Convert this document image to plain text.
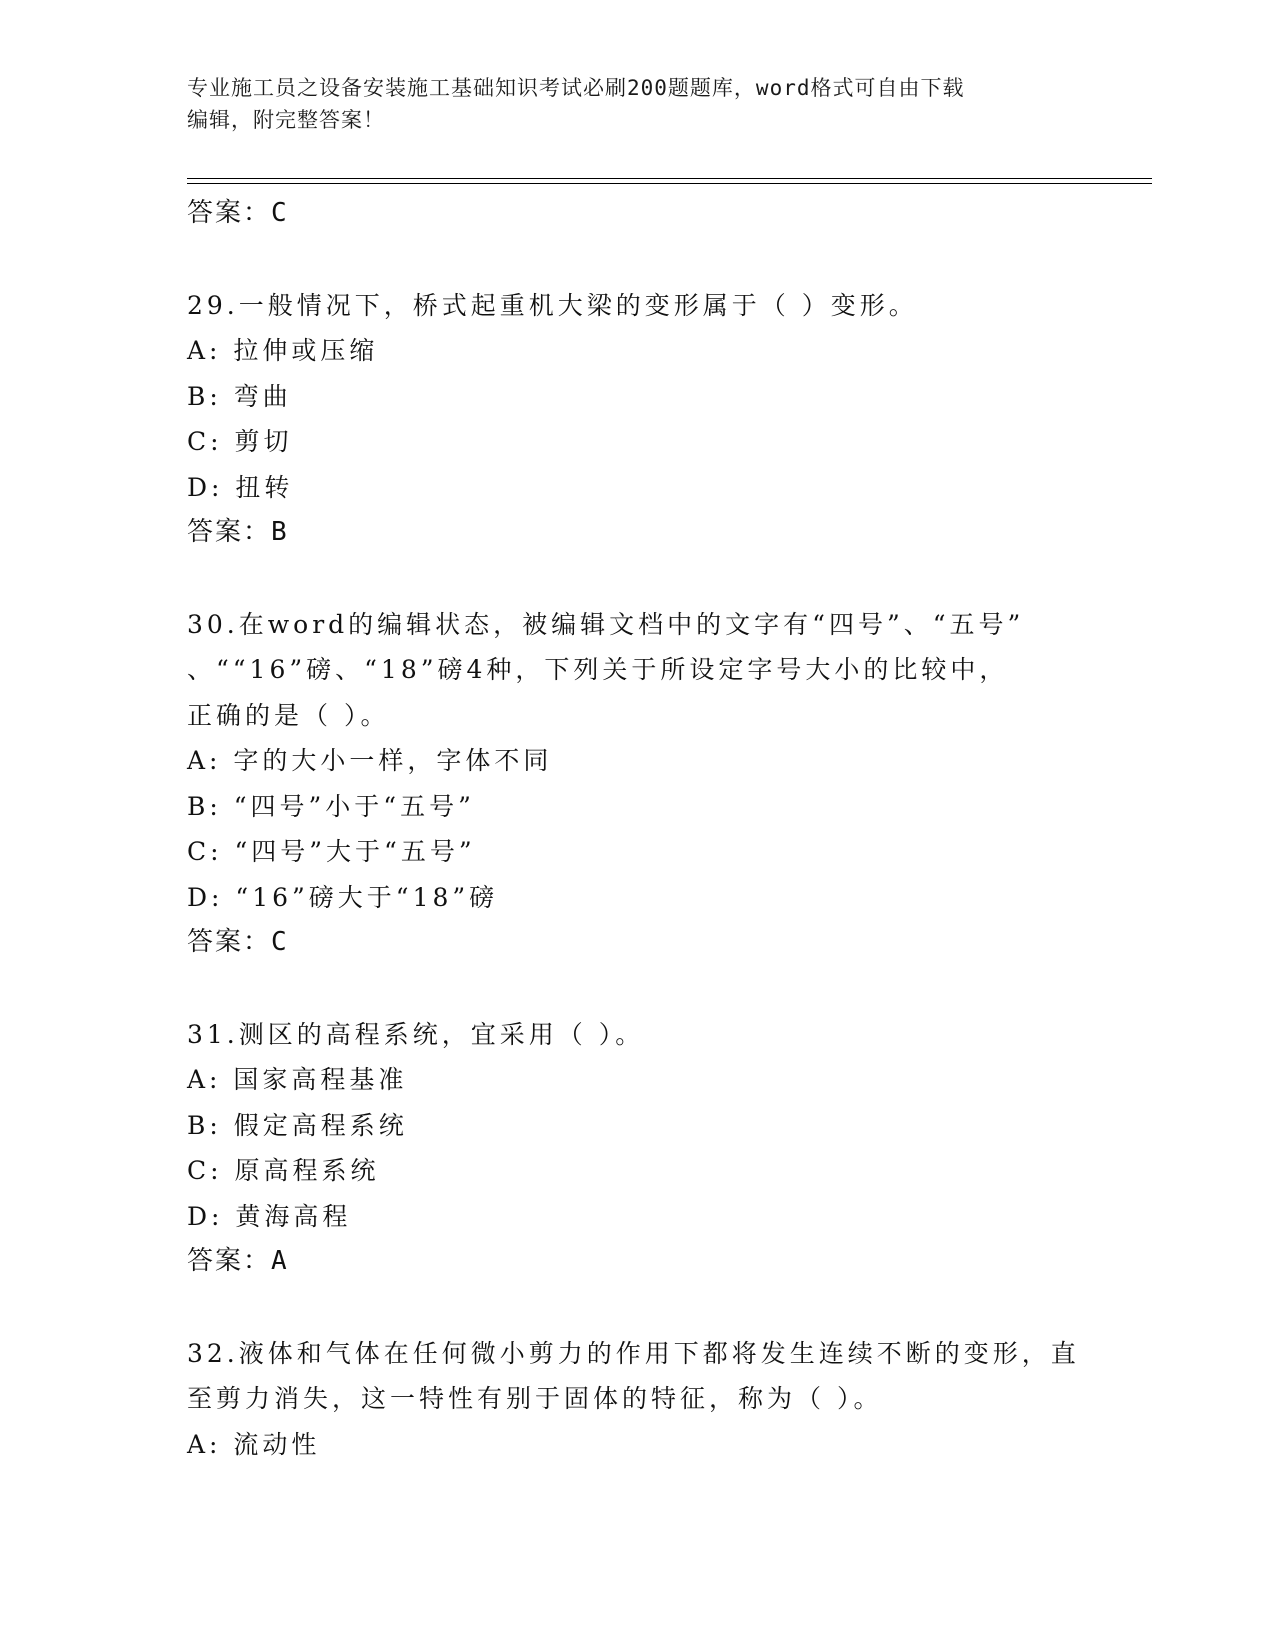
专业施工员之设备安装施工基础知识考试必刷200题题库，word格式可自由下载
编辑，附完整答案！
答案：C
29.一般情况下，桥式起重机大梁的变形属于（ ）变形。
A: 拉伸或压缩
B: 弯曲
C: 剪切
D: 扭转
答案：B
30.在word的编辑状态，被编辑文档中的文字有“四号”、“五号”
、““16”磅、“18”磅4种，下列关于所设定字号大小的比较中，
正确的是（ ）。
A: 字的大小一样，字体不同
B: “四号”小于“五号”
C: “四号”大于“五号”
D: “16”磅大于“18”磅
答案：C
31.测区的高程系统，宜采用（ ）。
A: 国家高程基准
B: 假定高程系统
C: 原高程系统
D: 黄海高程
答案：A
32.液体和气体在任何微小剪力的作用下都将发生连续不断的变形，直
至剪力消失，这一特性有别于固体的特征，称为（ ）。
A: 流动性
